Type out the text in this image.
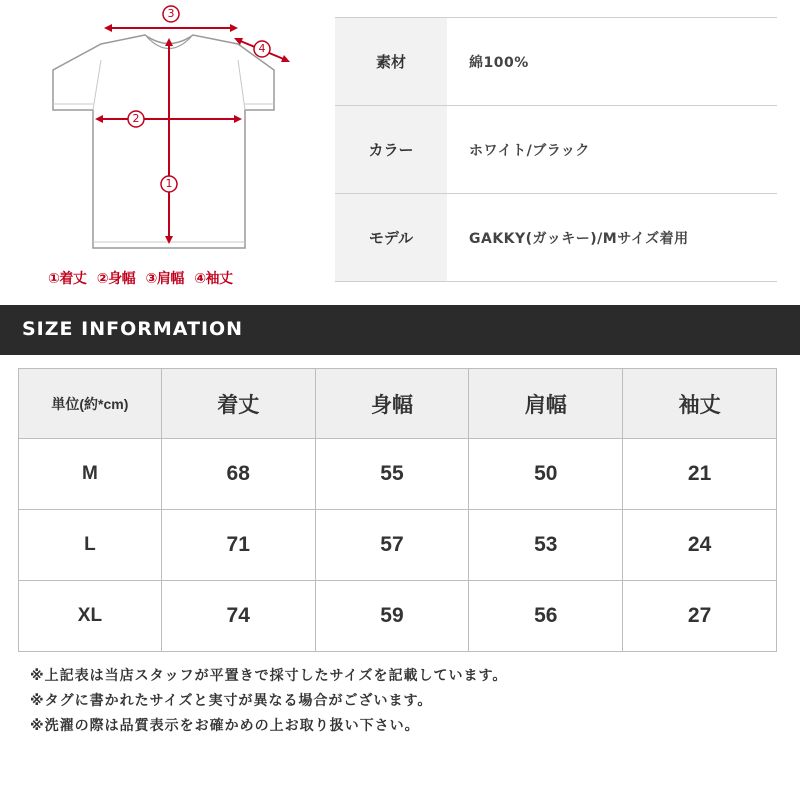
3
2
1
4
①着丈 ②身幅 ③肩幅 ④袖丈
素材	綿100%
カラー	ホワイト/ブラック
モデル	GAKKY(ガッキー)/Mサイズ着用
SIZE INFORMATION
単位(約*cm)	着丈	身幅	肩幅	袖丈
M	68	55	50	21
L	71	57	53	24
XL	74	59	56	27
※上記表は当店スタッフが平置きで採寸したサイズを記載しています。
※タグに書かれたサイズと実寸が異なる場合がございます。
※洗濯の際は品質表示をお確かめの上お取り扱い下さい。
